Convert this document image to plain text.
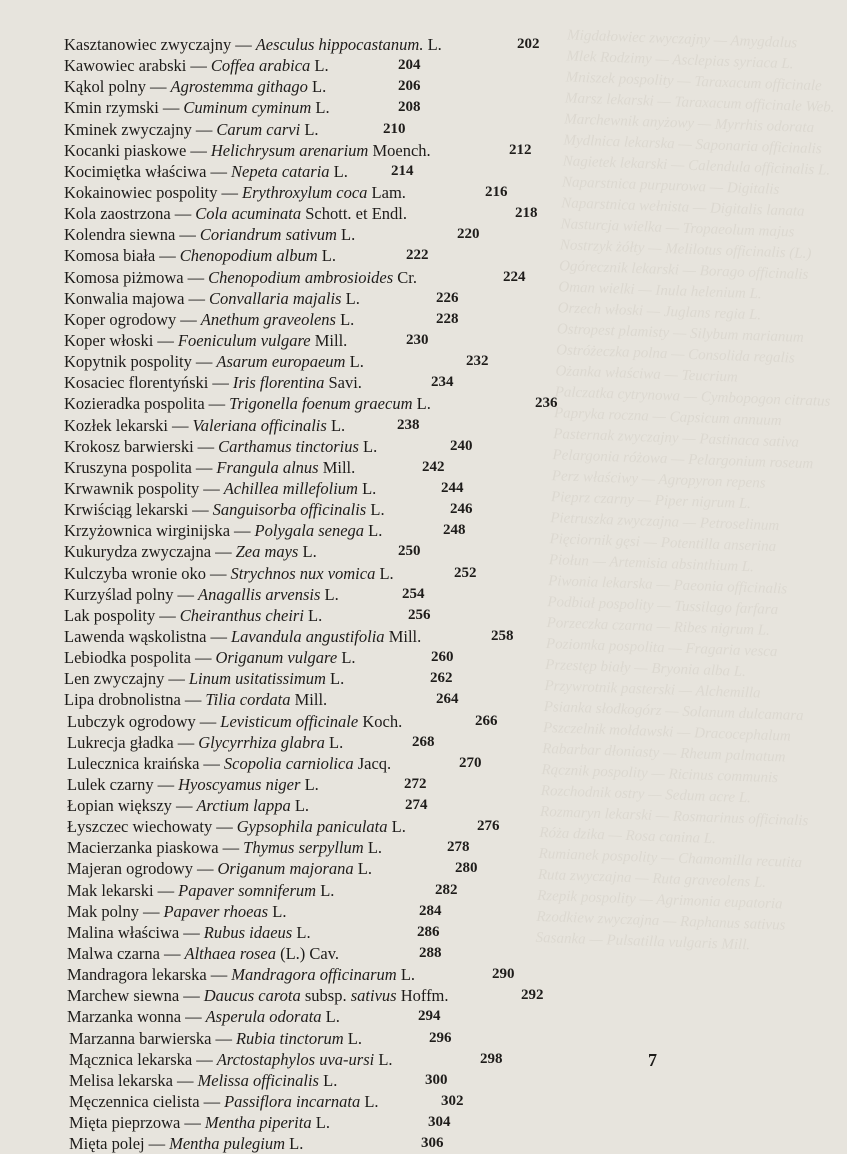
Migdałowiec zwyczajny — Amygdalus
Mlek Rodzimy — Asclepias syriaca L.
Mniszek pospolity — Taraxacum officinale
Marsz lekarski — Taraxacum officinale Web.
Marchewnik anyżowy — Myrrhis odorata
Mydlnica lekarska — Saponaria officinalis
Nagietek lekarski — Calendula officinalis L.
Naparstnica purpurowa — Digitalis
Naparstnica wełnista — Digitalis lanata
Nasturcja wielka — Tropaeolum majus
Nostrzyk żółty — Melilotus officinalis (L.)
Ogórecznik lekarski — Borago officinalis
Oman wielki — Inula helenium L.
Orzech włoski — Juglans regia L.
Ostropest plamisty — Silybum marianum
Ostróżeczka polna — Consolida regalis
Ożanka właściwa — Teucrium
Palczatka cytrynowa — Cymbopogon citratus
Papryka roczna — Capsicum annuum
Pasternak zwyczajny — Pastinaca sativa
Pelargonia różowa — Pelargonium roseum
Perz właściwy — Agropyron repens
Pieprz czarny — Piper nigrum L.
Pietruszka zwyczajna — Petroselinum
Pięciornik gęsi — Potentilla anserina
Piołun — Artemisia absinthium L.
Piwonia lekarska — Paeonia officinalis
Podbiał pospolity — Tussilago farfara
Porzeczka czarna — Ribes nigrum L.
Poziomka pospolita — Fragaria vesca
Przestęp biały — Bryonia alba L.
Przywrotnik pasterski — Alchemilla
Psianka słodkogórz — Solanum dulcamara
Pszczelnik mołdawski — Dracocephalum
Rabarbar dłoniasty — Rheum palmatum
Rącznik pospolity — Ricinus communis
Rozchodnik ostry — Sedum acre L.
Rozmaryn lekarski — Rosmarinus officinalis
Róża dzika — Rosa canina L.
Rumianek pospolity — Chamomilla recutita
Ruta zwyczajna — Ruta graveolens L.
Rzepik pospolity — Agrimonia eupatoria
Rzodkiew zwyczajna — Raphanus sativus
Sasanka — Pulsatilla vulgaris Mill.
Kasztanowiec zwyczajny — Aesculus hippocastanum. L.	202
Kawowiec arabski — Coffea arabica L.	204
Kąkol polny — Agrostemma githago L.	206
Kmin rzymski — Cuminum cyminum L.	208
Kminek zwyczajny — Carum carvi L.	210
Kocanki piaskowe — Helichrysum arenarium Moench.	212
Kocimiętka właściwa — Nepeta cataria L.	214
Kokainowiec pospolity — Erythroxylum coca Lam.	216
Kola zaostrzona — Cola acuminata Schott. et Endl.	218
Kolendra siewna — Coriandrum sativum L.	220
Komosa biała — Chenopodium album L.	222
Komosa piżmowa — Chenopodium ambrosioides Cr.	224
Konwalia majowa — Convallaria majalis L.	226
Koper ogrodowy — Anethum graveolens L.	228
Koper włoski — Foeniculum vulgare Mill.	230
Kopytnik pospolity — Asarum europaeum L.	232
Kosaciec florentyński — Iris florentina Savi.	234
Kozieradka pospolita — Trigonella foenum graecum L.	236
Kozłek lekarski — Valeriana officinalis L.	238
Krokosz barwierski — Carthamus tinctorius L.	240
Kruszyna pospolita — Frangula alnus Mill.	242
Krwawnik pospolity — Achillea millefolium L.	244
Krwiściąg lekarski — Sanguisorba officinalis L.	246
Krzyżownica wirginijska — Polygala senega L.	248
Kukurydza zwyczajna — Zea mays L.	250
Kulczyba wronie oko — Strychnos nux vomica L.	252
Kurzyślad polny — Anagallis arvensis L.	254
Lak pospolity — Cheiranthus cheiri L.	256
Lawenda wąskolistna — Lavandula angustifolia Mill.	258
Lebiodka pospolita — Origanum vulgare L.	260
Len zwyczajny — Linum usitatissimum L.	262
Lipa drobnolistna — Tilia cordata Mill.	264
Lubczyk ogrodowy — Levisticum officinale Koch.	266
Lukrecja gładka — Glycyrrhiza glabra L.	268
Lulecznica kraińska — Scopolia carniolica Jacq.	270
Lulek czarny — Hyoscyamus niger L.	272
Łopian większy — Arctium lappa L.	274
Łyszczec wiechowaty — Gypsophila paniculata L.	276
Macierzanka piaskowa — Thymus serpyllum L.	278
Majeran ogrodowy — Origanum majorana L.	280
Mak lekarski — Papaver somniferum L.	282
Mak polny — Papaver rhoeas L.	284
Malina właściwa — Rubus idaeus L.	286
Malwa czarna — Althaea rosea (L.) Cav.	288
Mandragora lekarska — Mandragora officinarum L.	290
Marchew siewna — Daucus carota subsp. sativus Hoffm.	292
Marzanka wonna — Asperula odorata L.	294
Marzanna barwierska — Rubia tinctorum L.	296
Mącznica lekarska — Arctostaphylos uva-ursi L.	298
Melisa lekarska — Melissa officinalis L.	300
Męczennica cielista — Passiflora incarnata L.	302
Mięta pieprzowa — Mentha piperita L.	304
Mięta polej — Mentha pulegium L.	306
7
